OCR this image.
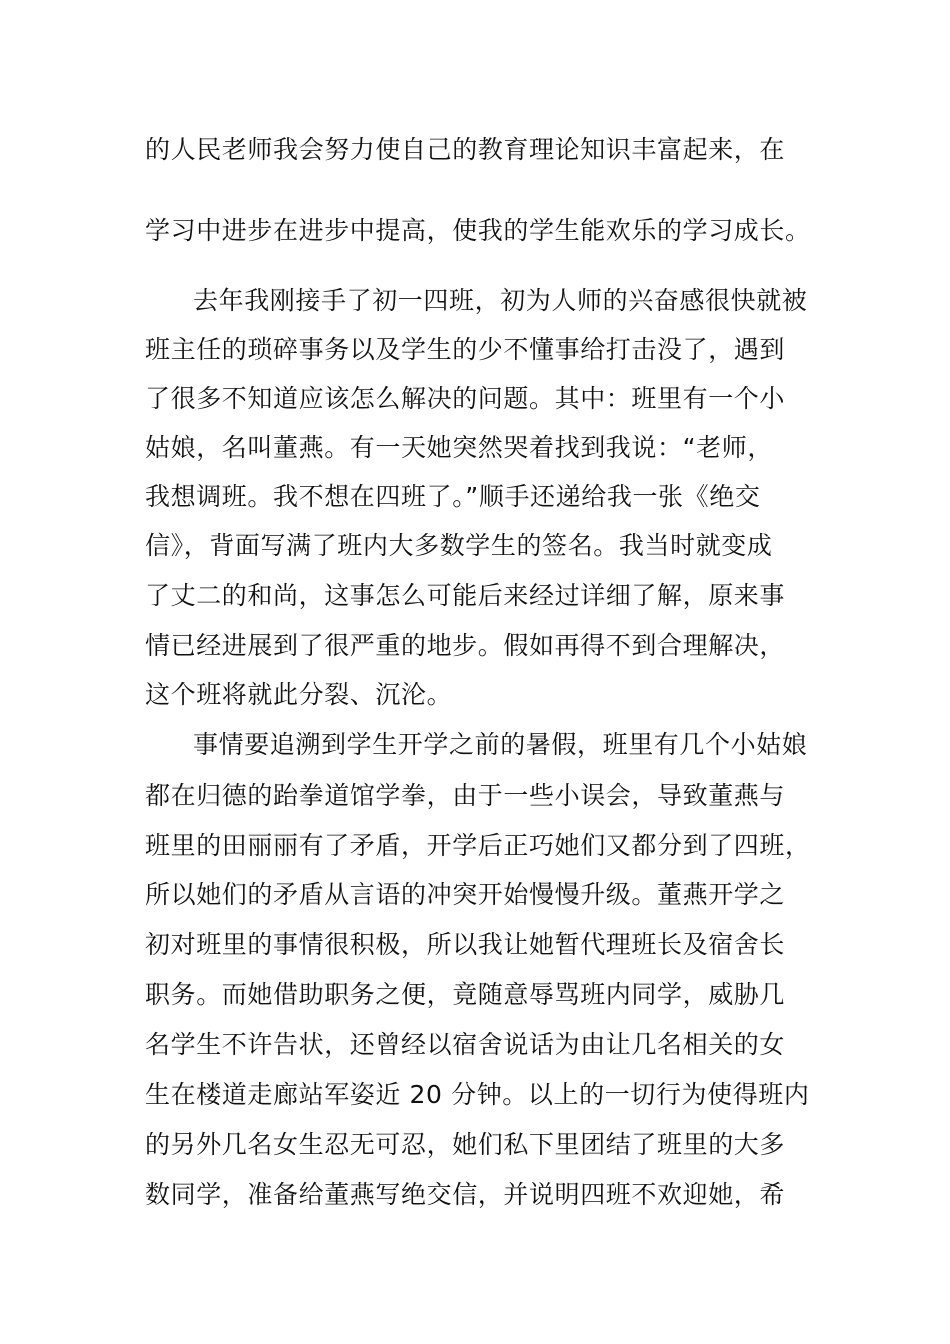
的人民老师我会努力使自己的教育理论知识丰富起来，在
学习中进步在进步中提高，使我的学生能欢乐的学习成长。
去年我刚接手了初一四班，初为人师的兴奋感很快就被
班主任的琐碎事务以及学生的少不懂事给打击没了，遇到
了很多不知道应该怎么解决的问题。其中：班里有一个小
姑娘，名叫董燕。有一天她突然哭着找到我说：“老师，
我想调班。我不想在四班了。”顺手还递给我一张《绝交
信》，背面写满了班内大多数学生的签名。我当时就变成
了丈二的和尚，这事怎么可能后来经过详细了解，原来事
情已经进展到了很严重的地步。假如再得不到合理解决，
这个班将就此分裂、沉沦。
事情要追溯到学生开学之前的暑假，班里有几个小姑娘
都在归德的跆拳道馆学拳，由于一些小误会，导致董燕与
班里的田丽丽有了矛盾，开学后正巧她们又都分到了四班，
所以她们的矛盾从言语的冲突开始慢慢升级。董燕开学之
初对班里的事情很积极，所以我让她暂代理班长及宿舍长
职务。而她借助职务之便，竟随意辱骂班内同学，威胁几
名学生不许告状，还曾经以宿舍说话为由让几名相关的女
生在楼道走廊站军姿近 20 分钟。以上的一切行为使得班内
的另外几名女生忍无可忍，她们私下里团结了班里的大多
数同学，准备给董燕写绝交信，并说明四班不欢迎她，希
